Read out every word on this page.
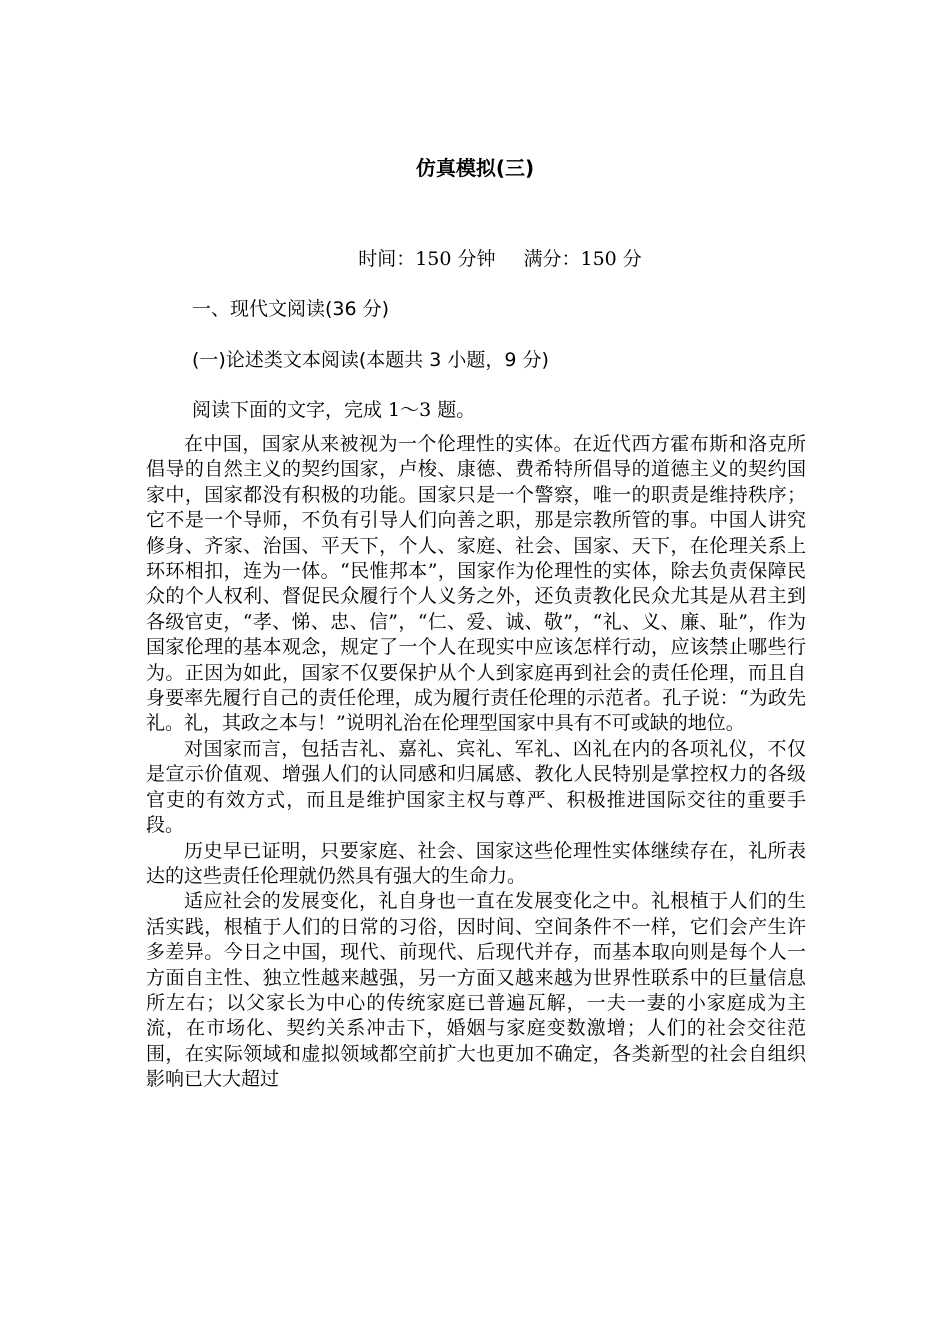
仿真模拟(三)
时间：150 分钟 满分：150 分
一、现代文阅读(36 分)
(一)论述类文本阅读(本题共 3 小题，9 分)
阅读下面的文字，完成 1～3 题。

在中国，国家从来被视为一个伦理性的实体。在近代西方霍布斯和洛克所倡导的自然主义的契约国家，卢梭、康德、费希特所倡导的道德主义的契约国家中，国家都没有积极的功能。国家只是一个警察，唯一的职责是维持秩序；它不是一个导师，不负有引导人们向善之职，那是宗教所管的事。中国人讲究修身、齐家、治国、平天下，个人、家庭、社会、国家、天下，在伦理关系上环环相扣，连为一体。“民惟邦本”，国家作为伦理性的实体，除去负责保障民众的个人权利、督促民众履行个人义务之外，还负责教化民众尤其是从君主到各级官吏，“孝、悌、忠、信”，“仁、爱、诚、敬”，“礼、义、廉、耻”，作为国家伦理的基本观念，规定了一个人在现实中应该怎样行动，应该禁止哪些行为。正因为如此，国家不仅要保护从个人到家庭再到社会的责任伦理，而且自身要率先履行自己的责任伦理，成为履行责任伦理的示范者。孔子说：“为政先礼。礼，其政之本与！”说明礼治在伦理型国家中具有不可或缺的地位。

对国家而言，包括吉礼、嘉礼、宾礼、军礼、凶礼在内的各项礼仪，不仅是宣示价值观、增强人们的认同感和归属感、教化人民特别是掌控权力的各级官吏的有效方式，而且是维护国家主权与尊严、积极推进国际交往的重要手段。

历史早已证明，只要家庭、社会、国家这些伦理性实体继续存在，礼所表达的这些责任伦理就仍然具有强大的生命力。

适应社会的发展变化，礼自身也一直在发展变化之中。礼根植于人们的生活实践，根植于人们的日常的习俗，因时间、空间条件不一样，它们会产生许多差异。今日之中国，现代、前现代、后现代并存，而基本取向则是每个人一方面自主性、独立性越来越强，另一方面又越来越为世界性联系中的巨量信息所左右；以父家长为中心的传统家庭已普遍瓦解，一夫一妻的小家庭成为主流，在市场化、契约关系冲击下，婚姻与家庭变数激增；人们的社会交往范围，在实际领域和虚拟领域都空前扩大也更加不确定，各类新型的社会自组织影响已大大超过
